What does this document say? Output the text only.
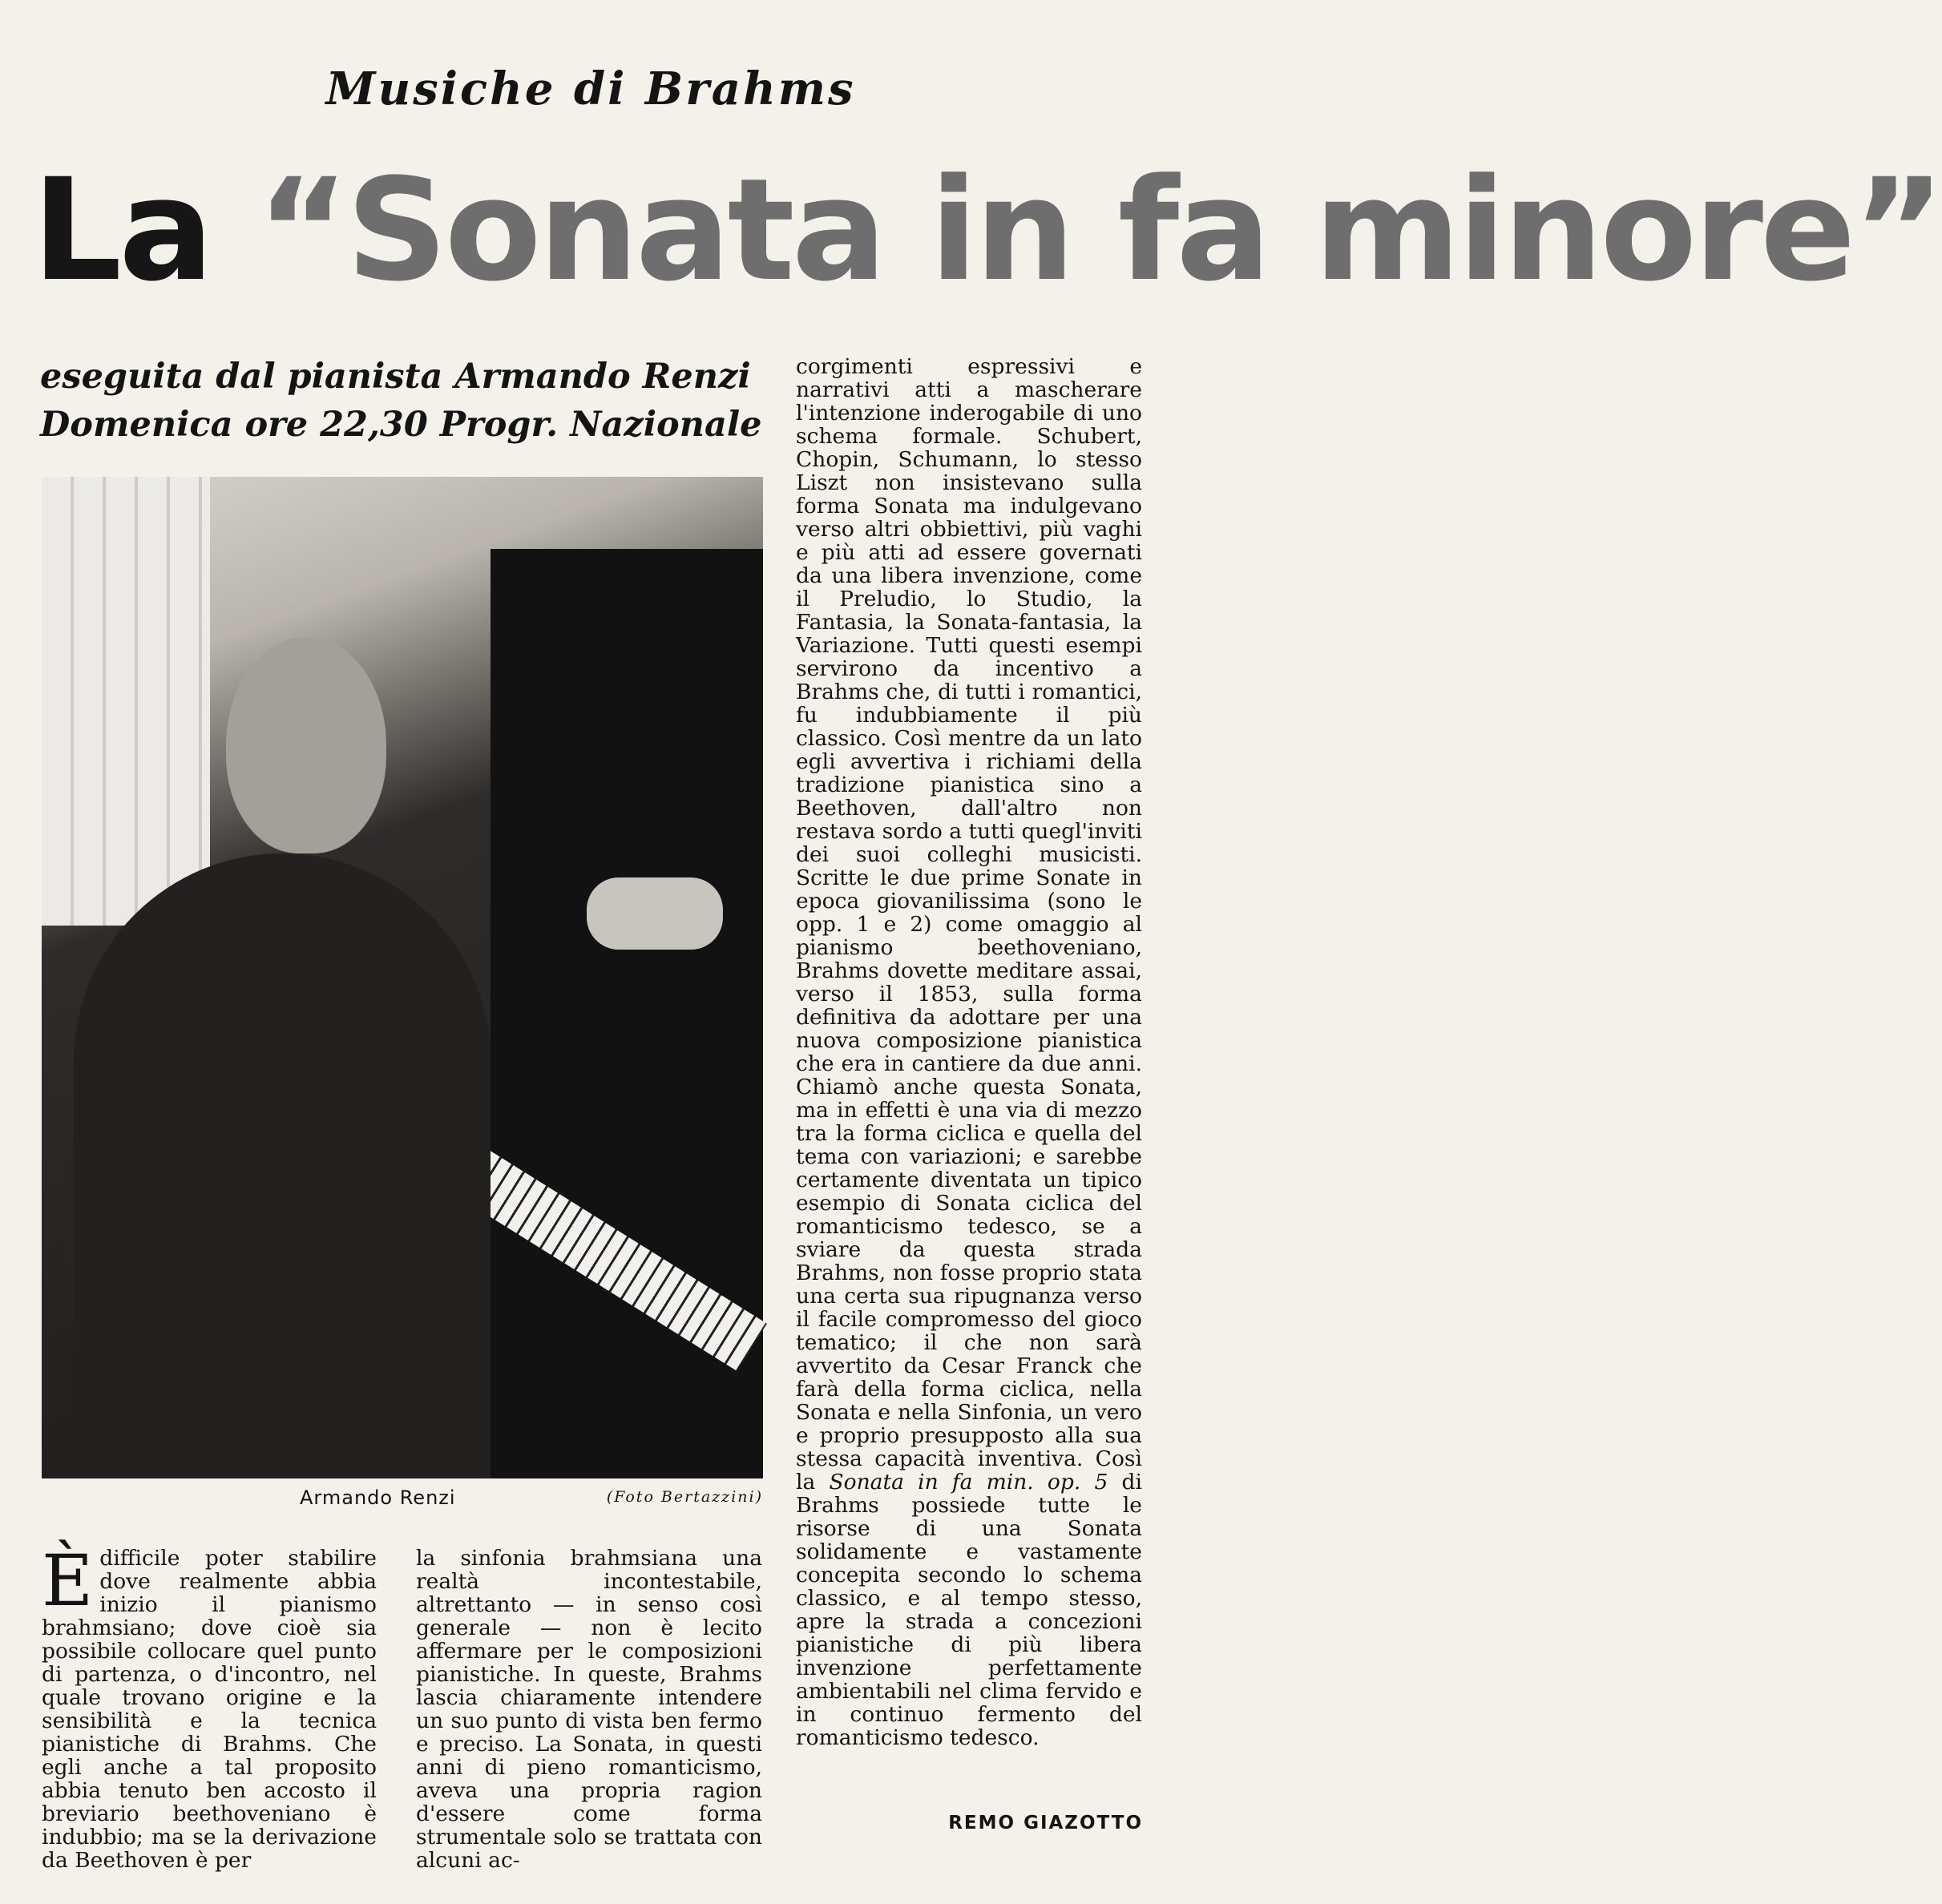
Musiche di Brahms
La “Sonata in fa minore”
eseguita dal pianista Armando Renzi
Domenica ore 22,30 Progr. Nazionale
Armando Renzi	(Foto Bertazzini)

Èdifficile poter stabilire dove realmente abbia inizio il pianismo brahmsiano; dove cioè sia possibile collocare quel punto di partenza, o d'incontro, nel quale trovano origine e la sensibilità e la tecnica pianistiche di Brahms. Che egli anche a tal proposito abbia tenuto ben accosto il breviario beethoveniano è indubbio; ma se la derivazione da Beethoven è per

la sinfonia brahmsiana una realtà incontestabile, altrettanto — in senso così generale — non è lecito affermare per le composizioni pianistiche. In queste, Brahms lascia chiaramente intendere un suo punto di vista ben fermo e preciso. La Sonata, in questi anni di pieno romanticismo, aveva una propria ragion d'essere come forma strumentale solo se trattata con alcuni ac-

corgimenti espressivi e narrativi atti a mascherare l'intenzione inderogabile di uno schema formale. Schubert, Chopin, Schumann, lo stesso Liszt non insistevano sulla forma Sonata ma indulgevano verso altri obbiettivi, più vaghi e più atti ad essere governati da una libera invenzione, come il Preludio, lo Studio, la Fantasia, la Sonata-fantasia, la Variazione. Tutti questi esempi servirono da incentivo a Brahms che, di tutti i romantici, fu indubbiamente il più classico. Così mentre da un lato egli avvertiva i richiami della tradizione pianistica sino a Beethoven, dall'altro non restava sordo a tutti quegl'inviti dei suoi colleghi musicisti. Scritte le due prime Sonate in epoca giovanilissima (sono le opp. 1 e 2) come omaggio al pianismo beethoveniano, Brahms dovette meditare assai, verso il 1853, sulla forma definitiva da adottare per una nuova composizione pianistica che era in cantiere da due anni. Chiamò anche questa Sonata, ma in effetti è una via di mezzo tra la forma ciclica e quella del tema con variazioni; e sarebbe certamente diventata un tipico esempio di Sonata ciclica del romanticismo tedesco, se a sviare da questa strada Brahms, non fosse proprio stata una certa sua ripugnanza verso il facile compromesso del gioco tematico; il che non sarà avvertito da Cesar Franck che farà della forma ciclica, nella Sonata e nella Sinfonia, un vero e proprio presupposto alla sua stessa capacità inventiva. Così la Sonata in fa min. op. 5 di Brahms possiede tutte le risorse di una Sonata solidamente e vastamente concepita secondo lo schema classico, e al tempo stesso, apre la strada a concezioni pianistiche di più libera invenzione perfettamente ambientabili nel clima fervido e in continuo fermento del romanticismo tedesco.

REMO GIAZOTTO
